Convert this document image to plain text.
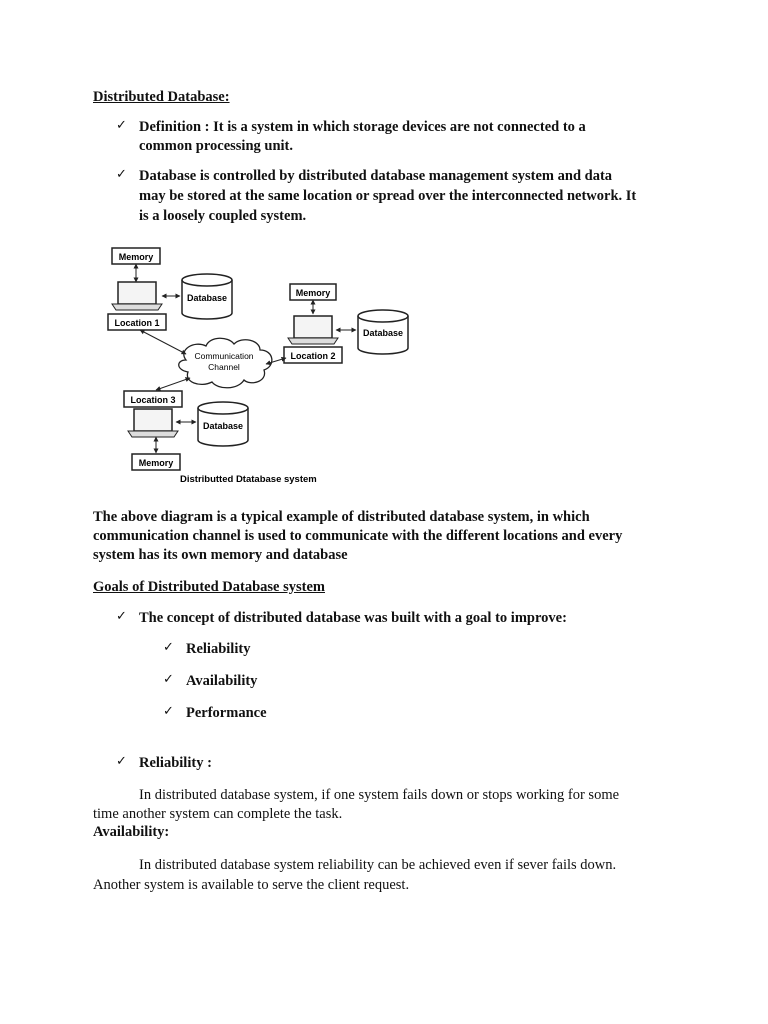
Distributed Database:
✓ Definition : It is a system in which storage devices are not connected to a
common processing unit.
✓ Database is controlled by distributed database management system and data
may be stored at the same location or spread over the interconnected network. It
is a loosely coupled system.
Memory
Location 1
Database	Memory
Location 2
Database
Communication
Channel
Location 3
Memory
Database
Distributted Dtatabase system
The above diagram is a typical example of distributed database system, in which
communication channel is used to communicate with the different locations and every
system has its own memory and database
Goals of Distributed Database system
✓ The concept of distributed database was built with a goal to improve:
✓ Reliability
✓ Availability
✓ Performance
✓ Reliability :
In distributed database system, if one system fails down or stops working for some
time another system can complete the task.
Availability:
In distributed database system reliability can be achieved even if sever fails down.
Another system is available to serve the client request.
